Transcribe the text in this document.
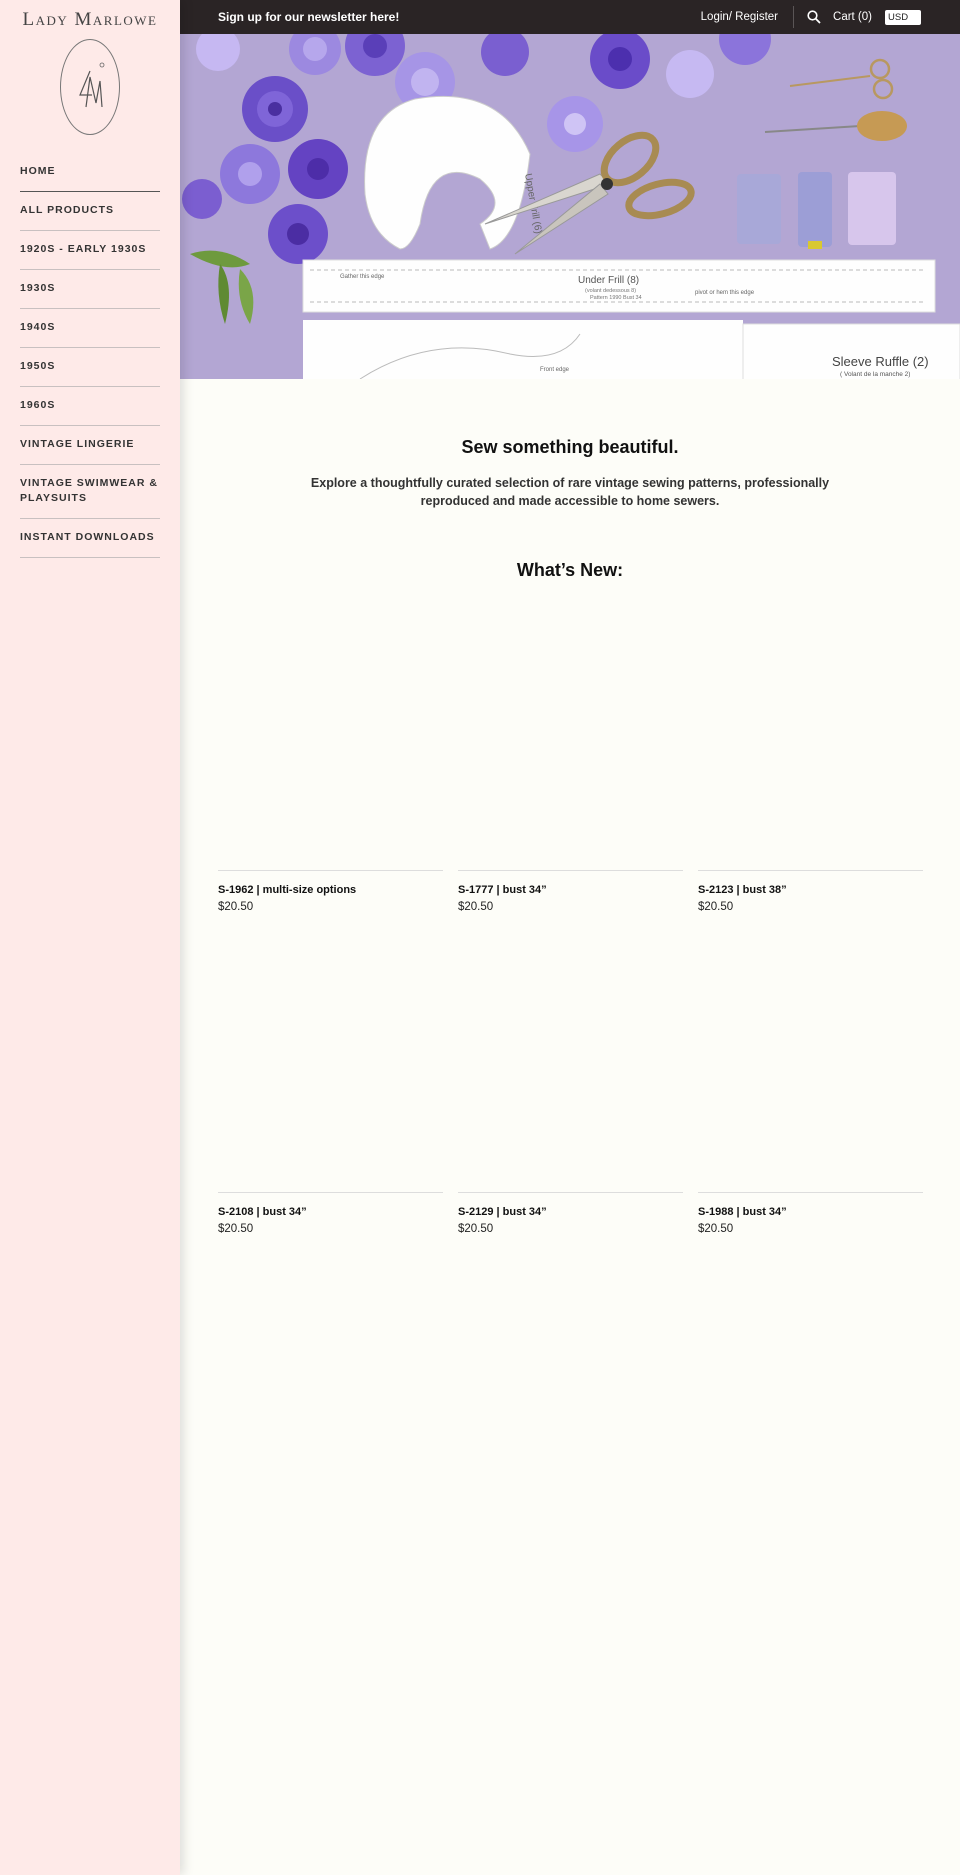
Lady Marlowe
HOME
ALL PRODUCTS
1920S - EARLY 1930S
1930S
1940S
1950S
1960S
VINTAGE LINGERIE
VINTAGE SWIMWEAR & PLAYSUITS
INSTANT DOWNLOADS
Sign up for our newsletter here!	Login/ Register	Cart (0)	USD
Under Frill (8)
Gather this edge
pivot or hem this edge
(volant dedessous 8)
Pattern 1990 Bust 34
Front edge
Sleeve Ruffle (2)
( Volant de la manche 2)
Sew something beautiful.

Explore a thoughtfully curated selection of rare vintage sewing patterns, professionally reproduced and made accessible to home sewers.

What’s New:
S-1962 | multi-size options
$20.50
S-1777 | bust 34”
$20.50
S-2123 | bust 38”
$20.50
S-2108 | bust 34”
$20.50
S-2129 | bust 34”
$20.50
S-1988 | bust 34”
$20.50
